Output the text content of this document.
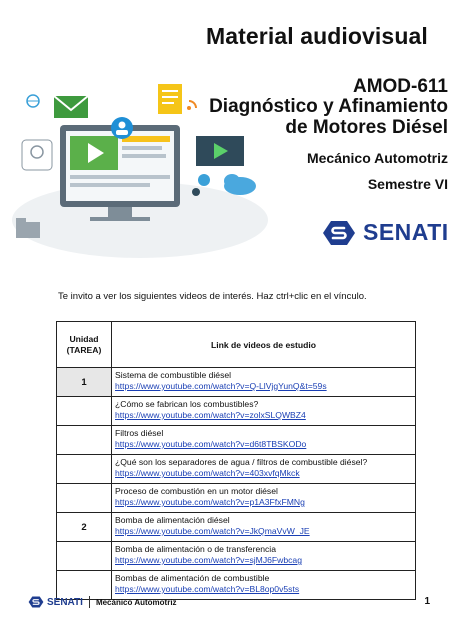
Material audiovisual
AMOD-611
Diagnóstico y Afinamiento
de Motores Diésel
Mecánico Automotriz
Semestre VI
SENATI
Te invito a ver los siguientes videos de interés. Haz ctrl+clic en el vínculo.
Unidad
(TAREA)	Link de videos de estudio
1	Sistema de combustible diésel
https://www.youtube.com/watch?v=Q-LlVjgYunQ&t=59s

	¿Cómo se fabrican los combustibles?
https://www.youtube.com/watch?v=zolxSLQWBZ4

	Filtros diésel
https://www.youtube.com/watch?v=d6t8TBSKODo

	¿Qué son los separadores de agua / filtros de combustible diésel?
https://www.youtube.com/watch?v=403xvfqMkck

	Proceso de combustión en un motor diésel
https://www.youtube.com/watch?v=p1A3FfxFMNg

2	Bomba de alimentación diésel
https://www.youtube.com/watch?v=JkQmaVvW_JE

	Bomba de alimentación o de transferencia
https://www.youtube.com/watch?v=sjMJ6Fwbcag

	Bombas de alimentación de combustible
https://www.youtube.com/watch?v=BL8op0v5sts
SENATI Mecánico Automotriz	1
